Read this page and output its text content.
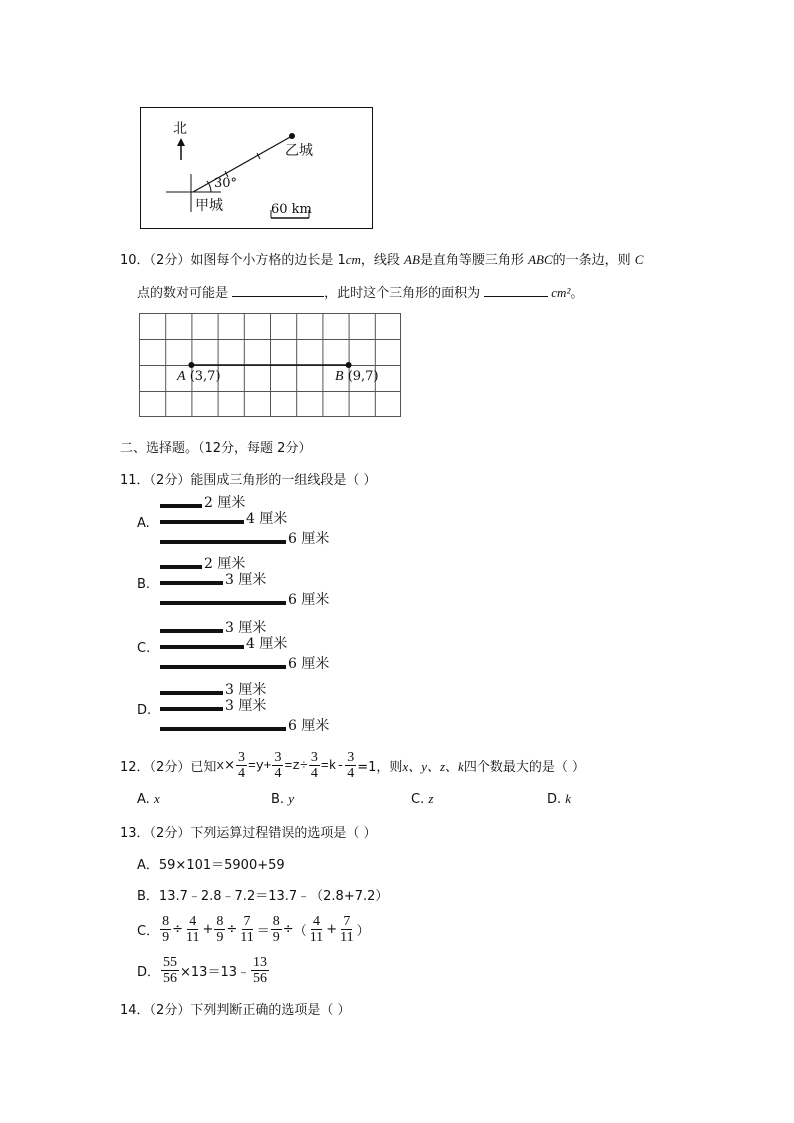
北
30°
甲城
乙城
60 km
10．（2分）如图每个小方格的边长是 1cm，线段 AB是直角等腰三角形 ABC的一条边，则 C
点的数对可能是	，此时这个三角形的面积为	cm²。
A (3,7)	B (9,7)
二、选择题。（12分，每题 2分）
11．（2分）能围成三角形的一组线段是（ ）
A.
2 厘米
4 厘米
6 厘米
B.
2 厘米
3 厘米
6 厘米
C.
3 厘米
4 厘米
6 厘米
D.
3 厘米
3 厘米
6 厘米
12．（2分）已知 $x \times \frac{3}{4} =y+ \frac{3}{4} =z\div \frac{3}{4} =k- \frac{3}{4} =1$，则 x、y、z、k 四个数最大的是（ ）
A. x	B. y	C. z	D. k
13．（2分）下列运算过程错误的选项是（ ）
A．59×101＝5900+59
B．13.7﹣2.8﹣7.2＝13.7﹣（2.8+7.2）
C． $\frac{8}{9} \div \frac{4}{11} + \frac{8}{9} \div \frac{7}{11} = \frac{8}{9}$ ÷ （ $\frac{4}{11} + \frac{7}{11}$ ）
D． $\frac{55}{56}$ ×13＝13﹣ $\frac{13}{56}$
14．（2分）下列判断正确的选项是（ ）
